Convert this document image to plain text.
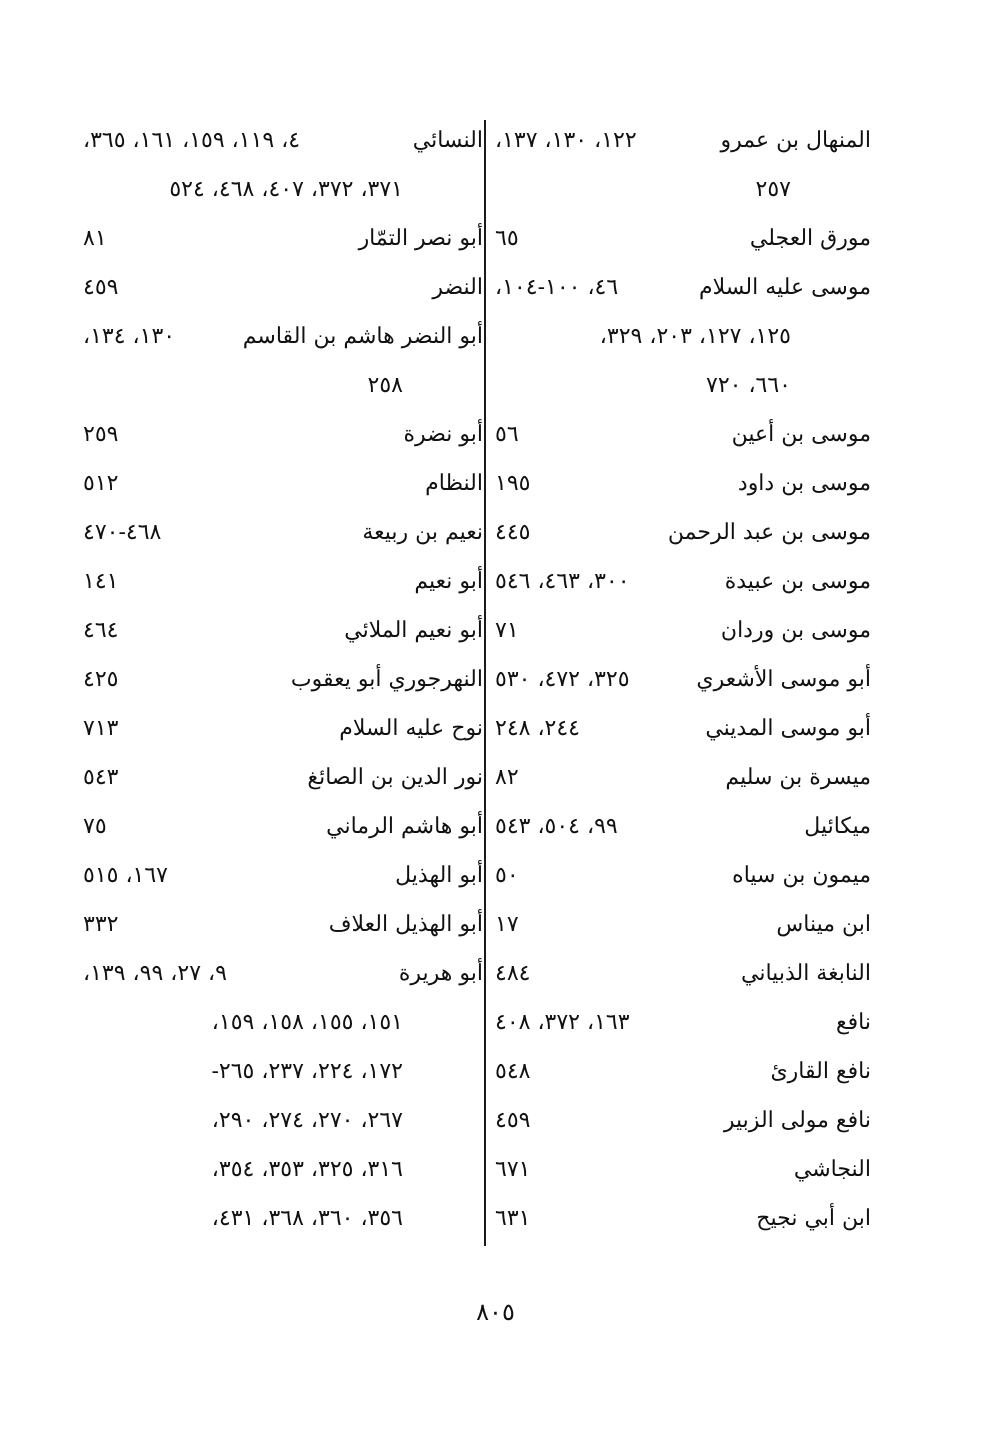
المنهال بن عمرو
١٢٢، ١٣٠، ١٣٧،
٢٥٧
مورق العجلي
٦٥
موسى عليه السلام
٤٦، ١٠٠-١٠٤،
١٢٥، ١٢٧، ٢٠٣، ٣٢٩،
٦٦٠، ٧٢٠
موسى بن أعين
٥٦
موسى بن داود
١٩٥
موسى بن عبد الرحمن
٤٤٥
موسى بن عبيدة
٣٠٠، ٤٦٣، ٥٤٦
موسى بن وردان
٧١
أبو موسى الأشعري
٣٢٥، ٤٧٢، ٥٣٠
أبو موسى المديني
٢٤٤، ٢٤٨
ميسرة بن سليم
٨٢
ميكائيل
٩٩، ٥٠٤، ٥٤٣
ميمون بن سياه
٥٠
ابن ميناس
١٧
النابغة الذبياني
٤٨٤
نافع
١٦٣، ٣٧٢، ٤٠٨
نافع القارئ
٥٤٨
نافع مولى الزبير
٤٥٩
النجاشي
٦٧١
ابن أبي نجيح
٦٣١
النسائي
٤، ١١٩، ١٥٩، ١٦١، ٣٦٥،
٣٧١، ٣٧٢، ٤٠٧، ٤٦٨، ٥٢٤
أبو نصر التمّار
٨١
النضر
٤٥٩
أبو النضر هاشم بن القاسم
١٣٠، ١٣٤،
٢٥٨
أبو نضرة
٢٥٩
النظام
٥١٢
نعيم بن ربيعة
٤٦٨-٤٧٠
أبو نعيم
١٤١
أبو نعيم الملائي
٤٦٤
النهرجوري أبو يعقوب
٤٢٥
نوح عليه السلام
٧١٣
نور الدين بن الصائغ
٥٤٣
أبو هاشم الرماني
٧٥
أبو الهذيل
١٦٧، ٥١٥
أبو الهذيل العلاف
٣٣٢
أبو هريرة
٩، ٢٧، ٩٩، ١٣٩،
١٥١، ١٥٥، ١٥٨، ١٥٩،
١٧٢، ٢٢٤، ٢٣٧، ٢٦٥-
٢٦٧، ٢٧٠، ٢٧٤، ٢٩٠،
٣١٦، ٣٢٥، ٣٥٣، ٣٥٤،
٣٥٦، ٣٦٠، ٣٦٨، ٤٣١،
٨٠٥
